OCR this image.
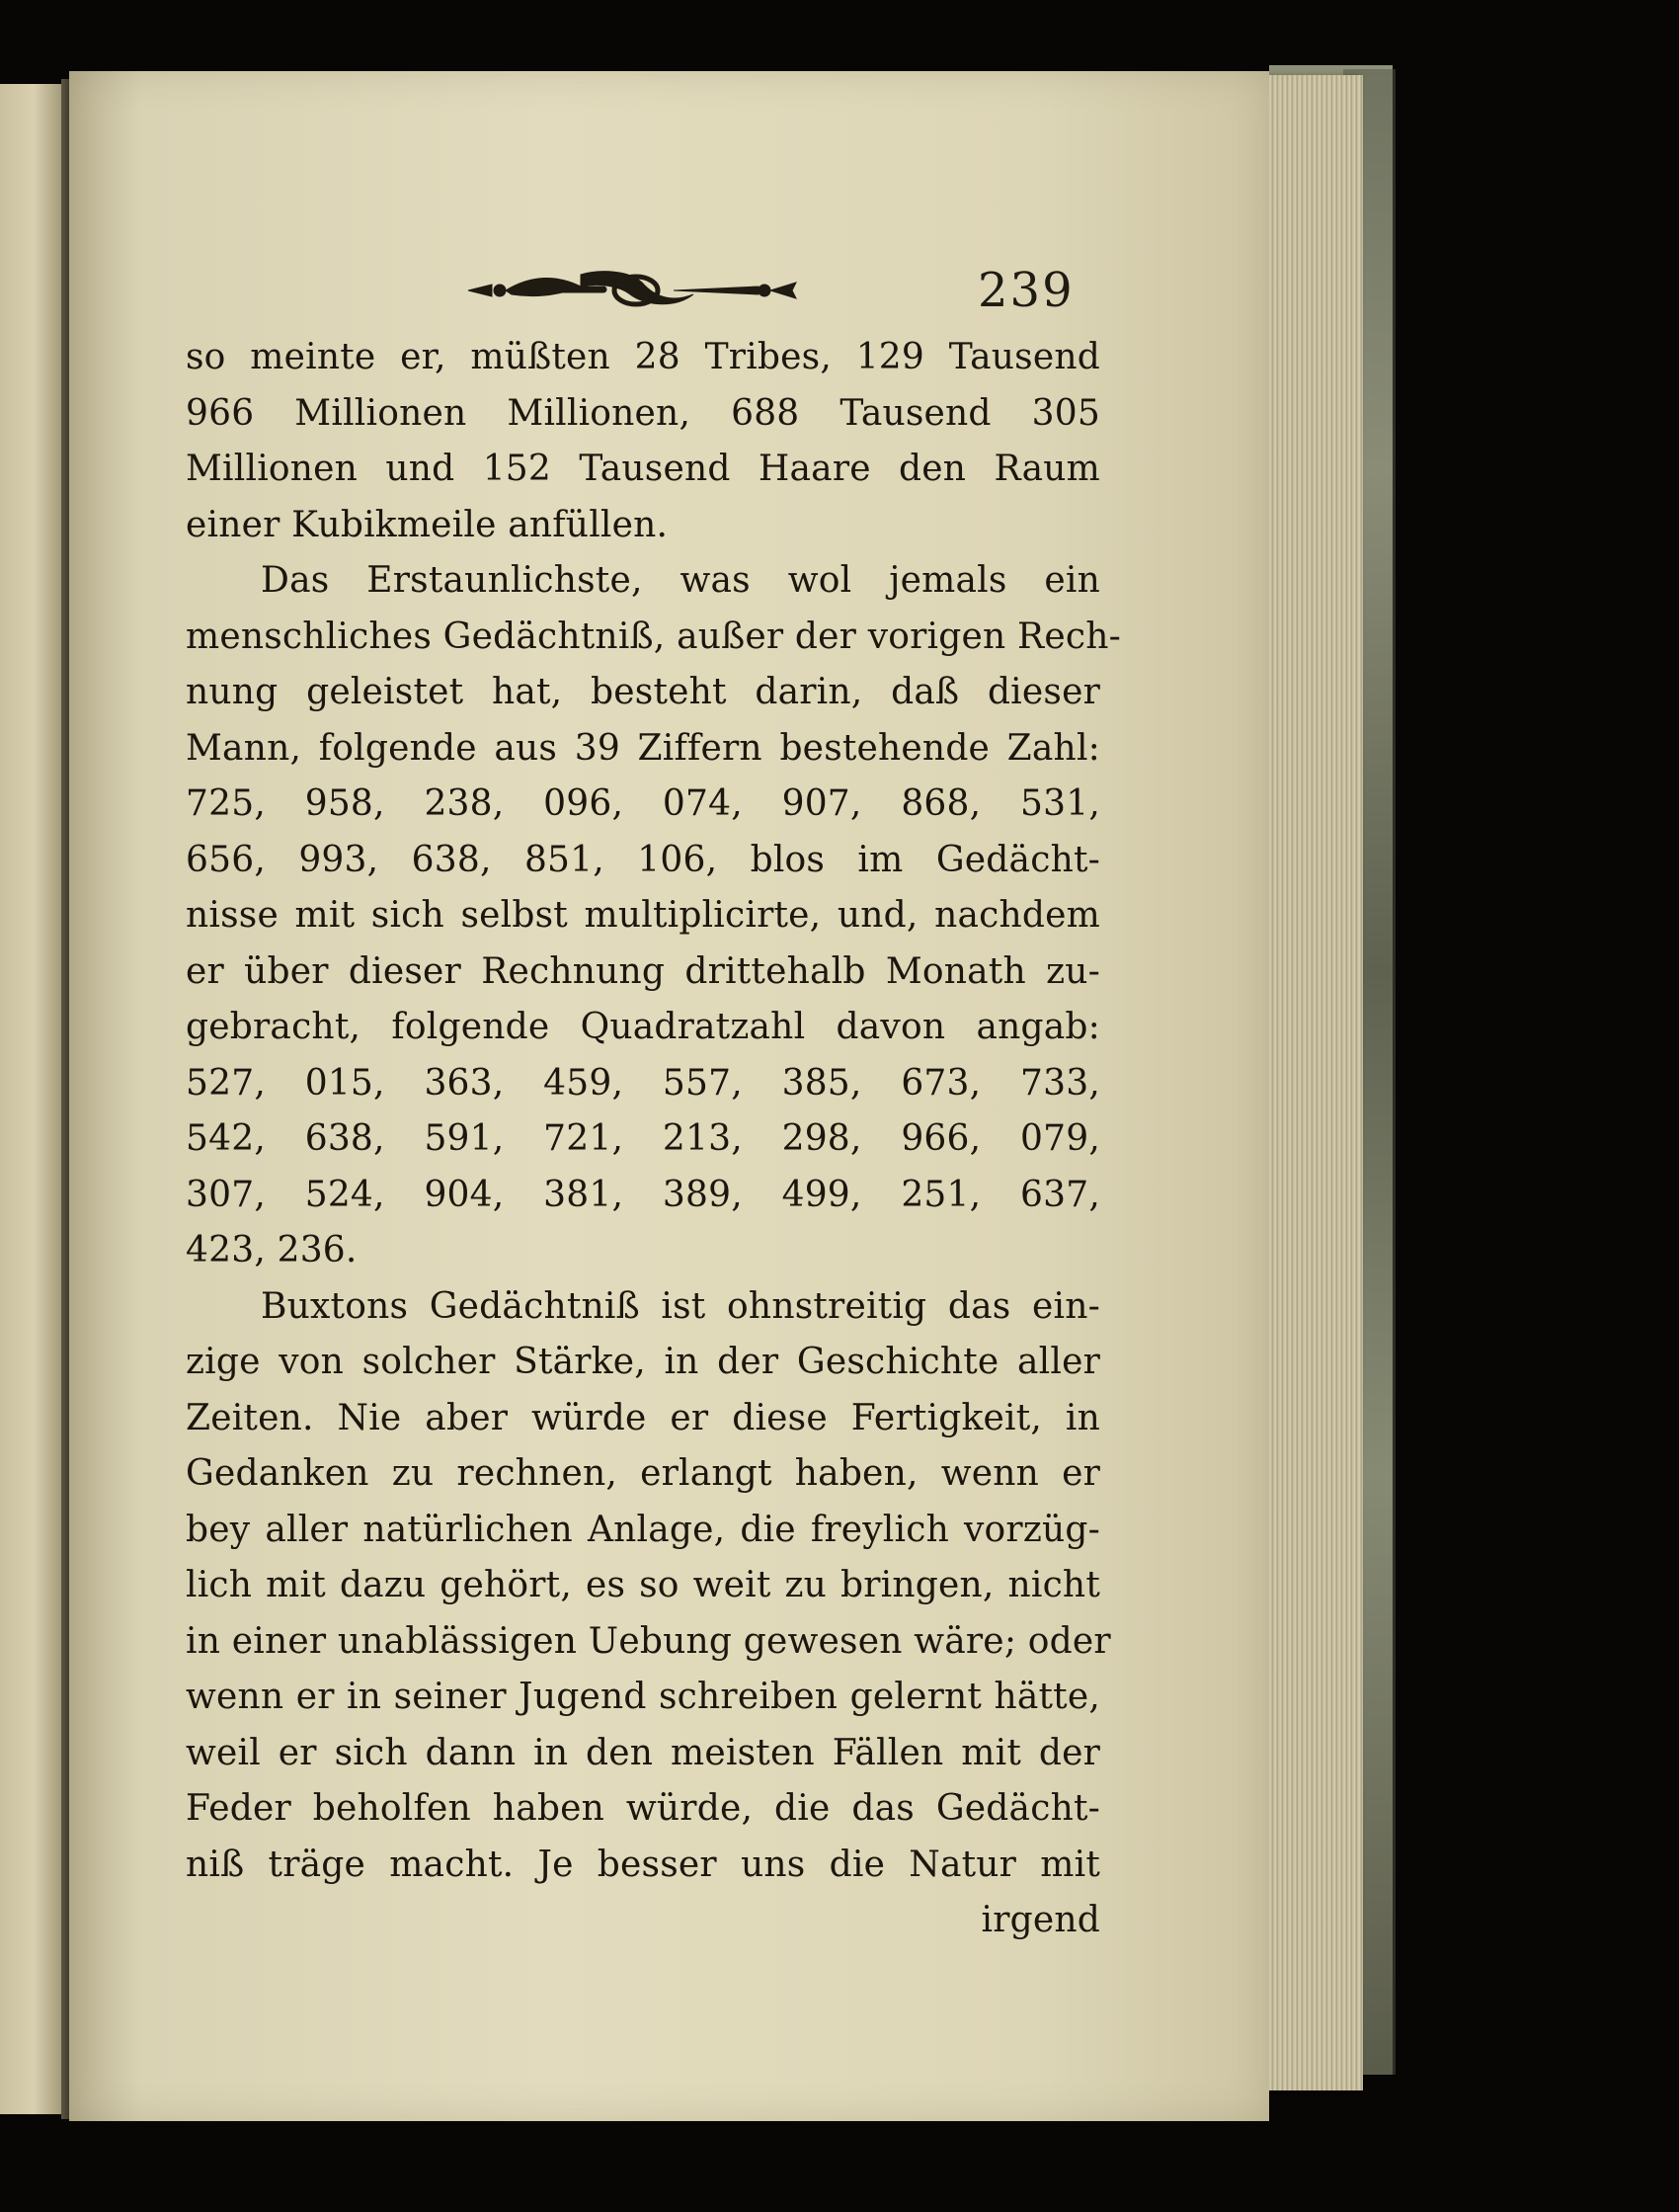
239
so meinte er, müßten 28 Tribes, 129 Tausend
966 Millionen Millionen, 688 Tausend 305
Millionen und 152 Tausend Haare den Raum
einer Kubikmeile anfüllen.
Das Erstaunlichste, was wol jemals ein
menschliches Gedächtniß, außer der vorigen Rech-
nung geleistet hat, besteht darin, daß dieser
Mann, folgende aus 39 Ziffern bestehende Zahl:
725, 958, 238, 096, 074, 907, 868, 531,
656, 993, 638, 851, 106, blos im Gedächt-
nisse mit sich selbst multiplicirte, und, nachdem
er über dieser Rechnung drittehalb Monath zu-
gebracht, folgende Quadratzahl davon angab:
527, 015, 363, 459, 557, 385, 673, 733,
542, 638, 591, 721, 213, 298, 966, 079,
307, 524, 904, 381, 389, 499, 251, 637,
423, 236.
Buxtons Gedächtniß ist ohnstreitig das ein-
zige von solcher Stärke, in der Geschichte aller
Zeiten. Nie aber würde er diese Fertigkeit, in
Gedanken zu rechnen, erlangt haben, wenn er
bey aller natürlichen Anlage, die freylich vorzüg-
lich mit dazu gehört, es so weit zu bringen, nicht
in einer unablässigen Uebung gewesen wäre; oder
wenn er in seiner Jugend schreiben gelernt hätte,
weil er sich dann in den meisten Fällen mit der
Feder beholfen haben würde, die das Gedächt-
niß träge macht. Je besser uns die Natur mit
irgend
